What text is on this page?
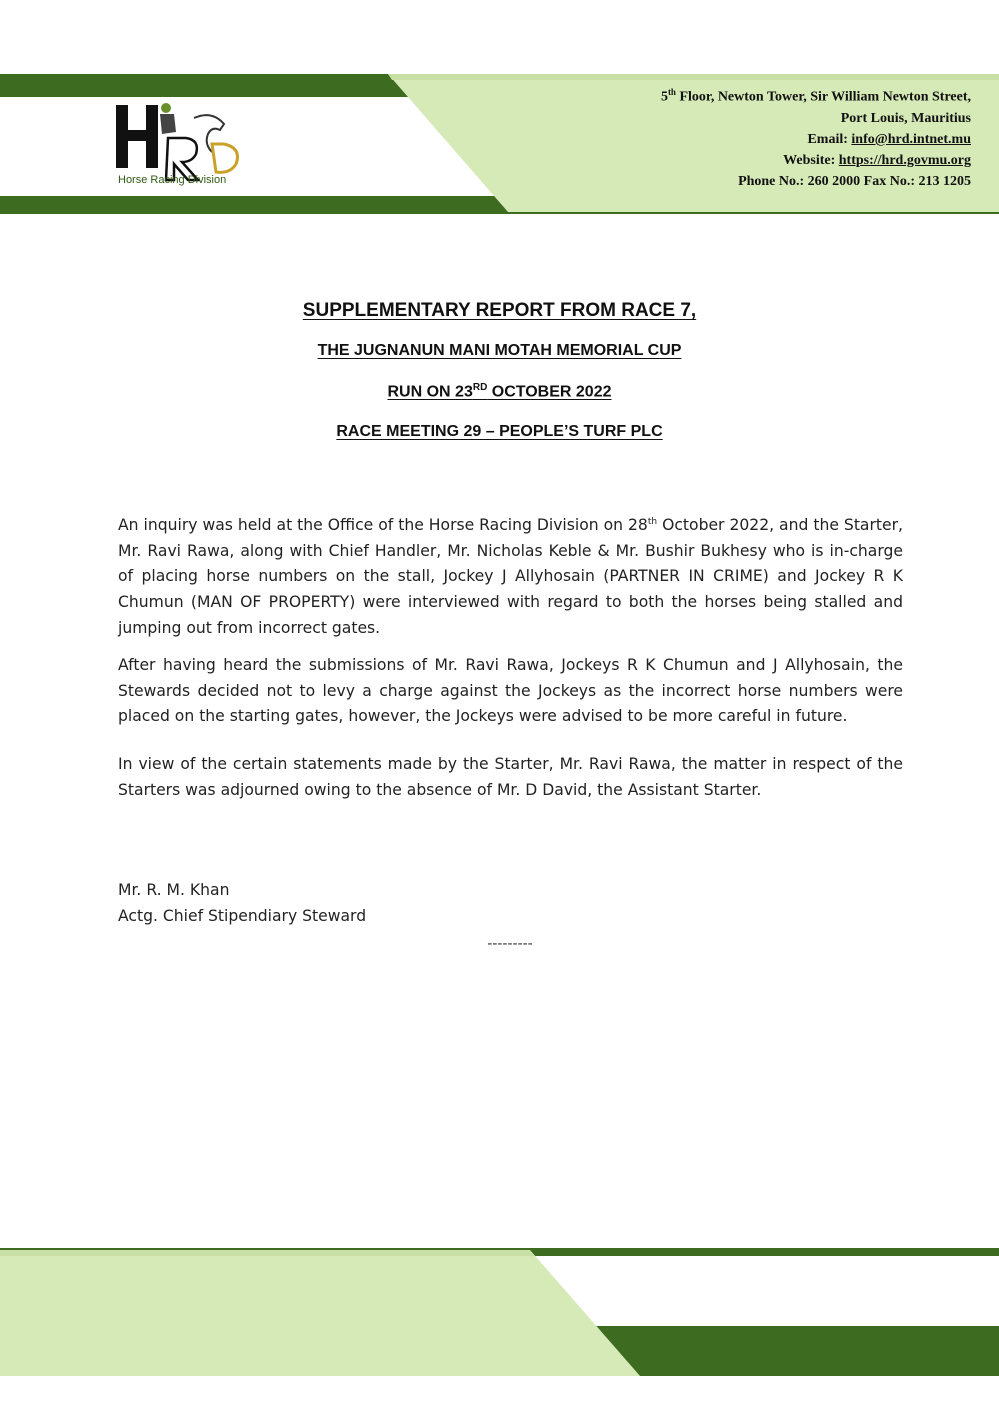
Horse Racing Division
5th Floor, Newton Tower, Sir William Newton Street,
Port Louis, Mauritius
Email: info@hrd.intnet.mu
Website: https://hrd.govmu.org
Phone No.: 260 2000 Fax No.: 213 1205
SUPPLEMENTARY REPORT FROM RACE 7,
THE JUGNANUN MANI MOTAH MEMORIAL CUP
RUN ON 23RD OCTOBER 2022
RACE MEETING 29 – PEOPLE’S TURF PLC

An inquiry was held at the Office of the Horse Racing Division on 28th October 2022, and the Starter, Mr. Ravi Rawa, along with Chief Handler, Mr. Nicholas Keble & Mr. Bushir Bukhesy who is in-charge of placing horse numbers on the stall, Jockey J Allyhosain (PARTNER IN CRIME) and Jockey R K Chumun (MAN OF PROPERTY) were interviewed with regard to both the horses being stalled and jumping out from incorrect gates.

After having heard the submissions of Mr. Ravi Rawa, Jockeys R K Chumun and J Allyhosain, the Stewards decided not to levy a charge against the Jockeys as the incorrect horse numbers were placed on the starting gates, however, the Jockeys were advised to be more careful in future.

In view of the certain statements made by the Starter, Mr. Ravi Rawa, the matter in respect of the Starters was adjourned owing to the absence of Mr. D David, the Assistant Starter.

Mr. R. M. Khan
Actg. Chief Stipendiary Steward
---------
